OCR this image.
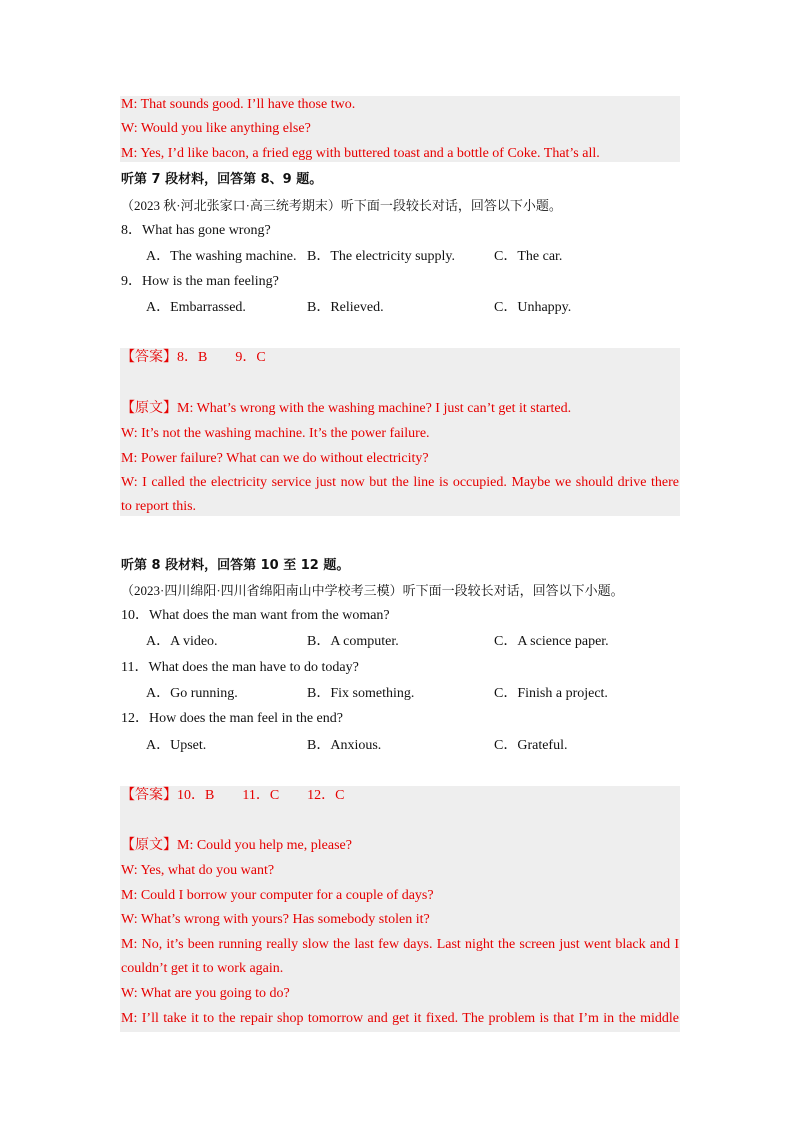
M: That sounds good. I’ll have those two.
W: Would you like anything else?
M: Yes, I’d like bacon, a fried egg with buttered toast and a bottle of Coke. That’s all.
听第 7 段材料，回答第 8、9 题。
（2023 秋·河北张家口·高三统考期末）听下面一段较长对话，回答以下小题。
8．What has gone wrong?
A．The washing machine. B．The electricity supply.	C．The car.
9．How is the man feeling?
A．Embarrassed.	B．Relieved.	C．Unhappy.
【答案】8．B　　9．C
【原文】M: What’s wrong with the washing machine? I just can’t get it started.
W: It’s not the washing machine. It’s the power failure.
M: Power failure? What can we do without electricity?
W: I called the electricity service just now but the line is occupied. Maybe we should drive there
to report this.
听第 8 段材料，回答第 10 至 12 题。
（2023·四川绵阳·四川省绵阳南山中学校考三模）听下面一段较长对话，回答以下小题。
10．What does the man want from the woman?
A．A video.	B．A computer.	C．A science paper.
11．What does the man have to do today?
A．Go running.	B．Fix something.	C．Finish a project.
12．How does the man feel in the end?
A．Upset.	B．Anxious.	C．Grateful.
【答案】10．B　　11．C　　12．C
【原文】M: Could you help me, please?
W: Yes, what do you want?
M: Could I borrow your computer for a couple of days?
W: What’s wrong with yours? Has somebody stolen it?
M: No, it’s been running really slow the last few days. Last night the screen just went black and I
couldn’t get it to work again.
W: What are you going to do?
M: I’ll take it to the repair shop tomorrow and get it fixed. The problem is that I’m in the middle
